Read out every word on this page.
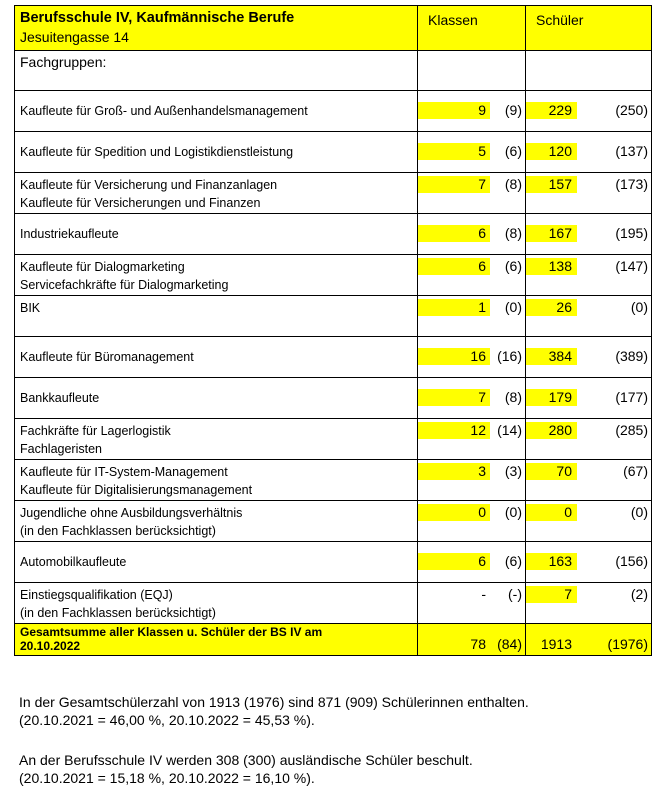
Berufsschule IV, Kaufmännische Berufe
Jesuitengasse 14	Klassen	Schüler

Fachgruppen:		

Kaufleute für Groß- und Außenhandelsmanagement	9 (9)	229 (250)

Kaufleute für Spedition und Logistikdienstleistung	5 (6)	120 (137)

Kaufleute für Versicherung und Finanzanlagen
Kaufleute für Versicherungen und Finanzen	7 (8)	157 (173)

Industriekaufleute	6 (8)	167 (195)

Kaufleute für Dialogmarketing
Servicefachkräfte für Dialogmarketing	6 (6)	138 (147)

BIK	1 (0)	26 (0)

Kaufleute für Büromanagement	16 (16)	384 (389)

Bankkaufleute	7 (8)	179 (177)

Fachkräfte für Lagerlogistik
Fachlageristen	12 (14)	280 (285)

Kaufleute für IT-System-Management
Kaufleute für Digitalisierungsmanagement	3 (3)	70 (67)

Jugendliche ohne Ausbildungsverhältnis
(in den Fachklassen berücksichtigt)	0 (0)	0 (0)

Automobilkaufleute	6 (6)	163 (156)

Einstiegsqualifikation (EQJ)
(in den Fachklassen berücksichtigt)	- (-)	7 (2)

Gesamtsumme aller Klassen u. Schüler der BS IV am
20.10.2022	78 (84)	1913 (1976)

In der Gesamtschülerzahl von 1913 (1976) sind 871 (909) Schülerinnen enthalten.
(20.10.2021 = 46,00 %, 20.10.2022 = 45,53 %).

An der Berufsschule IV werden 308 (300) ausländische Schüler beschult.
(20.10.2021 = 15,18 %, 20.10.2022 = 16,10 %).
